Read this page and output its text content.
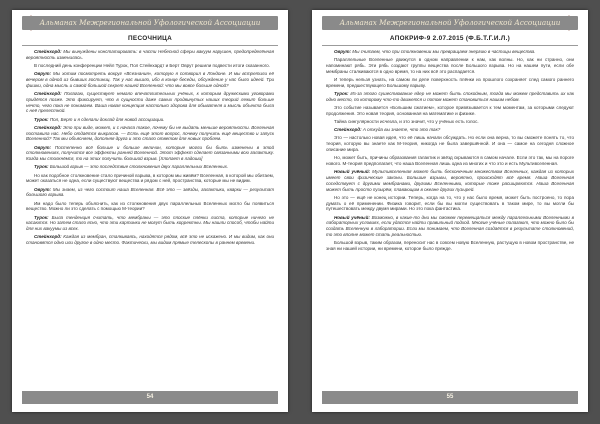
Альманах Межрегиональной Уфологической Ассоциации
ПЕСОЧНИЦА

Стейнхорд: Мы вынуждены констатировать: в части Небесной сферы вакуум нарушен, предопределённая вероятность изменилась.

В последний день конференции Нейл Турок, Пол Стейнхардт и Берт Оврут решили подвести итоги сказанного.

Оврут: Мы хотим посмотреть вокруг «Всезнания», которую я сотворил в Лондоне. И мы встретили её вечером в одной из бывших гостиниц. Так у нас вышло, ибо в конце беседы, обсуждение у нас было идеей. Три фишки, одна мысль и самой большой секрет нашей Вселенной: что мы вовсе больше одной?

Стейнхорд: Полагаю, существует немало впечатлительных учёных, к которым дружескими уговорами придётся позже. Это фиксирует, что в сущности даже самых продвинутых наших теорий лежит больше нечто, чего пока не понимаем. Ваша новая концепция настолько здорова для обывателя и мысль объекта была с неё прелестной.

Турок: Пол, Берт и я сделали доклад для новой ассоциации.

Стейнхорд: Это при виде, может, и с начала такое, почему бы не выдать меньше вероятности. Вселенная поставила нас. Небо отдаётся выкрасов. — Есть ещё этот вопрос, почему получить ещё вещество и запуск Вселенной? Так мы объясняем, дополняя друга и это стало ответом для новых проблем.

Оврут: Постепенно всё больше и больше величин, которые могли бы быть изменены в этой столкновениях, получится все эффекты ранней Вселенной. Этот эффект сделает связанными всю галактику. Когда мы столкнёмся, то на этих получить большой взрыв. [Хлопает в ладоши]

Турок: Большой взрыв — это последствие столкновения двух параллельных Вселенных.

Но как подобное столкновение стало причиной взрыва, в котором мы живём? Вселенная, в которой мы обитаем, может оказаться не одна, если существуют вещества и рядом с ней, пространства, которые мы не видим.

Оврут: Мы знаем, из чего состоит наша Вселенная. Всё это — звёзды, галактики, кварки — результат большого взрыва.

Им надо было теперь объяснить, как из столкновения двух параллельных Вселенных могло бы появиться вещество. Можно ли это сделать с помощью М-теории?

Турок: Была тенденция считать, что мембраны — это плоские плёнки листа, которые ничего не касаются. Но затем стало ясно, что эти картинки не могут быть корректны. Мы нашли способ, чтобы найти для них вакуумы из всех.

Стейнхорд: Каждая из мембран, сталкиваясь, находятся рядом, всё это не искажено. И мы видим, как они становятся одно или другое в одно место. Фактически, мы видим прямые телескопы в раннем времени.

54
Альманах Межрегиональной Уфологической Ассоциации
АПОКРИФ-9 2.07.2015 (Ф.Б.Т.Г.И.Л.)

Оврут: Мы считаем, что при столкновении мы превращаем энергию в частицы вещества.

Параллельные Вселенные движутся в одном направлении к нам, как волны. Но, как ни странно, они напоминают рябь. Эти рябь создают группы вещества после Большого взрыва. Но на нашем пути, если обе мембраны сталкиваются в одно время, то на них всё это распадается.

И теперь нельзя узнать, на самом ли деле поверхность плёнки из прошлого сохраняет след самого раннего времени, предшествующего Большому взрыву.

Турок: Из-за этого сушествование ядер не может быть спокойным, тогда мы можем представить их как одно место, по которому что-то движется и потом может становиться нашим небом.

Это событие называется «Большим сжатием», которое привязывается к тем моментам, за которыми следуют продолжения. Это новая теория, основанная на математике и физике.

Тайна сингулярности исчезла, и это значит, что у учёных есть голос.

Стейнхорд: А откуда вы знаете, что это так?

Это — настолько новая идея, что её лишь начали обсуждать. Но если она верна, то вы сможете понять то, что теория, которую вы знаете как М-теория, никогда не была завершённой. И она — самое на сегодня сложное описание мира.

Но, может быть, причины образования галактик и звёзд скрываются в самом начале. Если это так, мы на пороге нового. М-теория предполагает, что наша Вселенная лишь одна из многих и что это и есть Мультивселенная.

Новый учёный: Мультивселенная может быть бесконечным множеством Вселенных, каждая из которых имеет свои физические законы. Большие взрывы, вероятно, происходят всё время. Наша Вселенная соседствует с другими мембранами, другими Вселенными, которые тоже расширяются. Наша Вселенная может быть просто пузырём, плавающим в океане других пузырей.

Но это — ещё не конец истории. Теперь, когда на то, что у нас было время, может быть построено, то пора думать о её применении. Физика говорит, если бы вы могли существовать в таком мире, то вы могли бы путешествовать между двумя мирами. Но это пока фантастика.

Новый учёный: Возможно, в какие-то дни мы сможем перемещаться между параллельными Вселенными в лабораторных условиях, если удастся найти правильный подход. Многие учёные полагают, что можно было бы создать Вселенную в лаборатории. Если мы понимаем, что Вселенная создаётся в результате столкновений, то это вполне может стать реальностью.

Большой взрыв, таким образом, переносит нас в совсем новую Вселенную, растущую в новом пространстве, не зная ни нашей истории, ни времени, которое было прежде.

55
